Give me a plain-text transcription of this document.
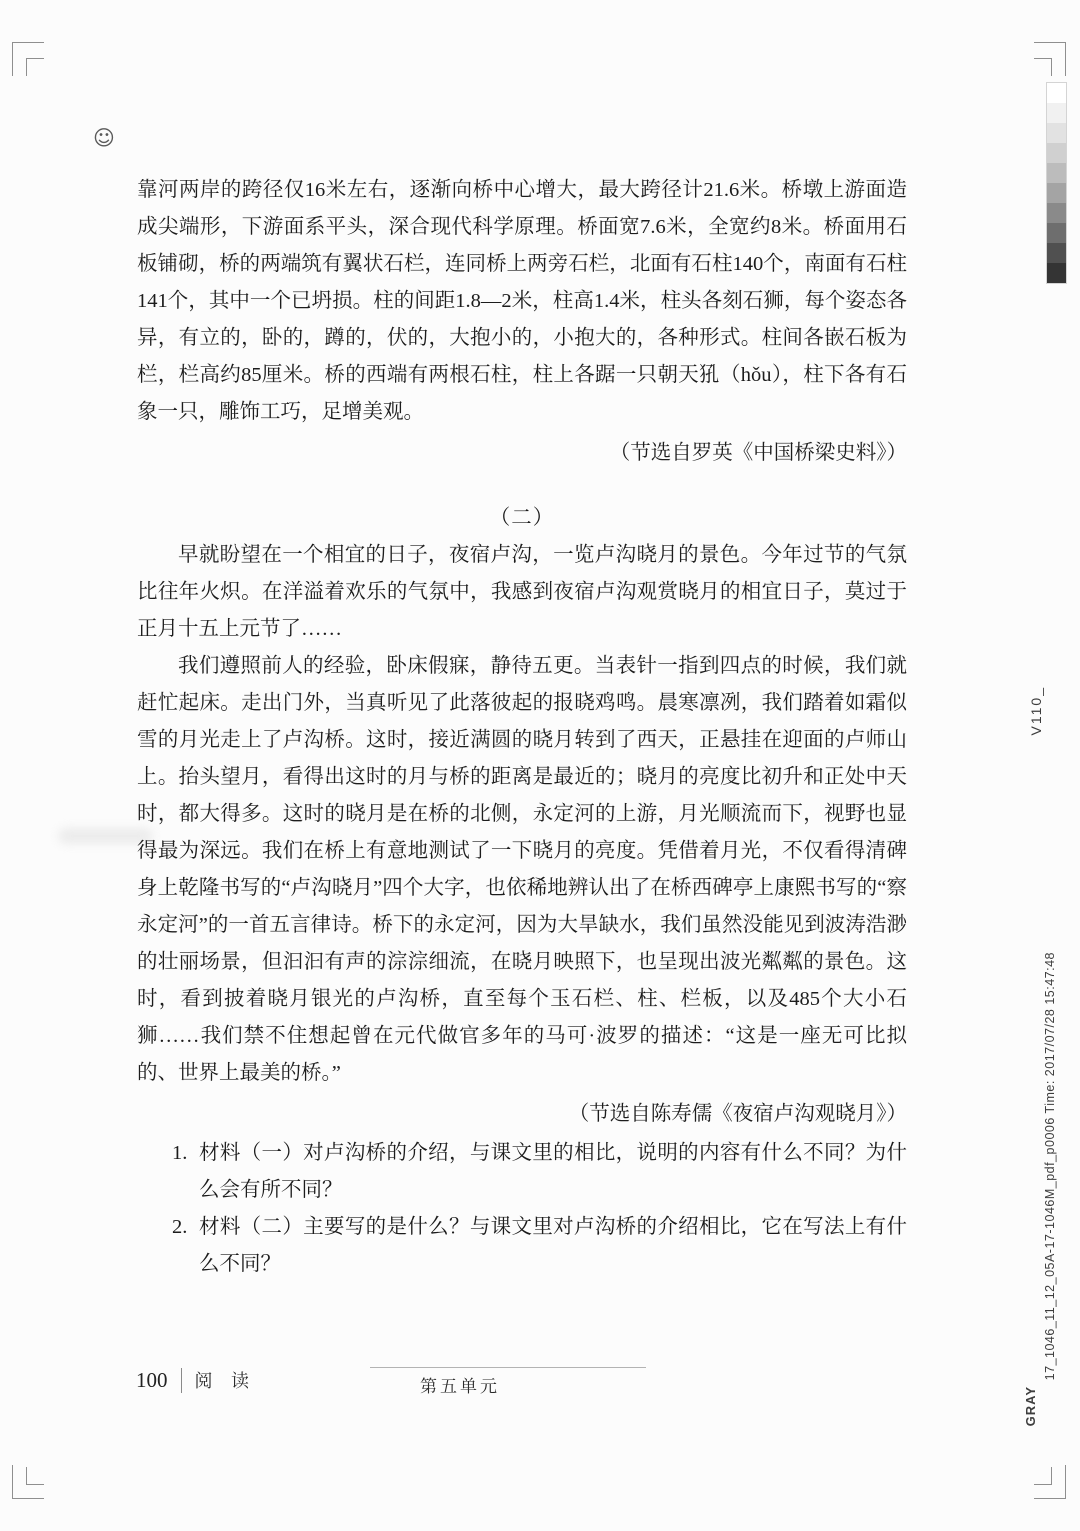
☺
V110_
17_1046_11_12_05A-17-1046M_pdf_p0006 Time: 2017/07/28 15:47:48
GRAY

靠河两岸的跨径仅16米左右，逐渐向桥中心增大，最大跨径计21.6米。桥墩上游面造成尖端形，下游面系平头，深合现代科学原理。桥面宽7.6米，全宽约8米。桥面用石板铺砌，桥的两端筑有翼状石栏，连同桥上两旁石栏，北面有石柱140个，南面有石柱141个，其中一个已坍损。柱的间距1.8—2米，柱高1.4米，柱头各刻石狮，每个姿态各异，有立的，卧的，蹲的，伏的，大抱小的，小抱大的，各种形式。柱间各嵌石板为栏，栏高约85厘米。桥的西端有两根石柱，柱上各踞一只朝天犼（hǒu），柱下各有石象一只，雕饰工巧，足增美观。

（节选自罗英《中国桥梁史料》）

（二）

早就盼望在一个相宜的日子，夜宿卢沟，一览卢沟晓月的景色。今年过节的气氛比往年火炽。在洋溢着欢乐的气氛中，我感到夜宿卢沟观赏晓月的相宜日子，莫过于正月十五上元节了……

我们遵照前人的经验，卧床假寐，静待五更。当表针一指到四点的时候，我们就赶忙起床。走出门外，当真听见了此落彼起的报晓鸡鸣。晨寒凛冽，我们踏着如霜似雪的月光走上了卢沟桥。这时，接近满圆的晓月转到了西天，正悬挂在迎面的卢师山上。抬头望月，看得出这时的月与桥的距离是最近的；晓月的亮度比初升和正处中天时，都大得多。这时的晓月是在桥的北侧，永定河的上游，月光顺流而下，视野也显得最为深远。我们在桥上有意地测试了一下晓月的亮度。凭借着月光，不仅看得清碑身上乾隆书写的“卢沟晓月”四个大字，也依稀地辨认出了在桥西碑亭上康熙书写的“察永定河”的一首五言律诗。桥下的永定河，因为大旱缺水，我们虽然没能见到波涛浩渺的壮丽场景，但汩汩有声的淙淙细流，在晓月映照下，也呈现出波光粼粼的景色。这时，看到披着晓月银光的卢沟桥，直至每个玉石栏、柱、栏板，以及485个大小石狮……我们禁不住想起曾在元代做官多年的马可·波罗的描述：“这是一座无可比拟的、世界上最美的桥。”

（节选自陈寿儒《夜宿卢沟观晓月》）

1. 材料（一）对卢沟桥的介绍，与课文里的相比，说明的内容有什么不同？为什么会有所不同？
2. 材料（二）主要写的是什么？与课文里对卢沟桥的介绍相比，它在写法上有什么不同？
100 阅 读	第五单元
